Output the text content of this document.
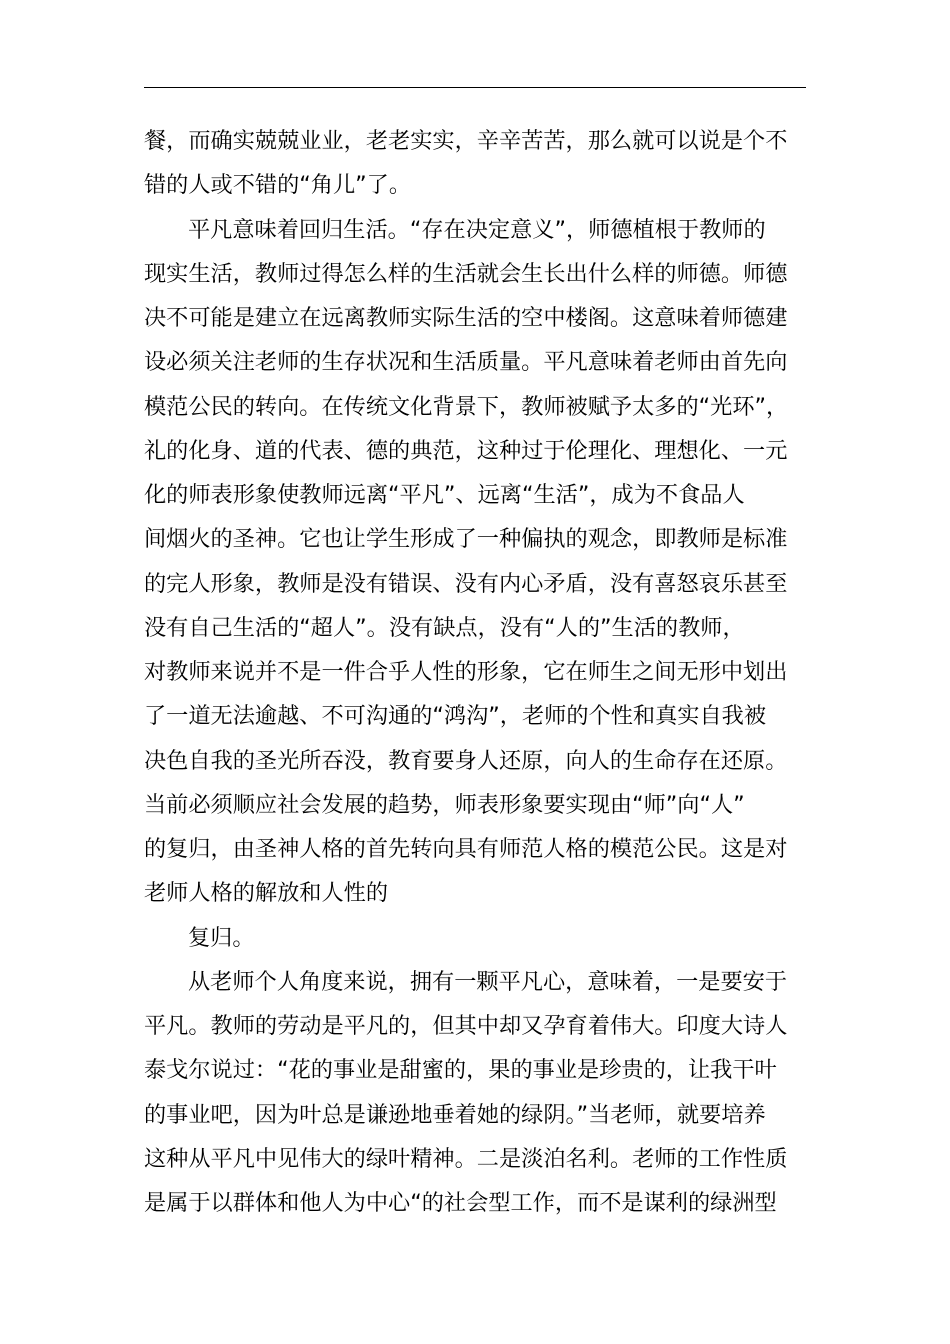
餐，而确实兢兢业业，老老实实，辛辛苦苦，那么就可以说是个不
错的人或不错的“角儿”了。
平凡意味着回归生活。“存在决定意义”，师德植根于教师的
现实生活，教师过得怎么样的生活就会生长出什么样的师德。师德
决不可能是建立在远离教师实际生活的空中楼阁。这意味着师德建
设必须关注老师的生存状况和生活质量。平凡意味着老师由首先向
模范公民的转向。在传统文化背景下，教师被赋予太多的“光环”，
礼的化身、道的代表、德的典范，这种过于伦理化、理想化、一元
化的师表形象使教师远离“平凡”、远离“生活”，成为不食品人
间烟火的圣神。它也让学生形成了一种偏执的观念，即教师是标准
的完人形象，教师是没有错误、没有内心矛盾，没有喜怒哀乐甚至
没有自己生活的“超人”。没有缺点，没有“人的”生活的教师，
对教师来说并不是一件合乎人性的形象，它在师生之间无形中划出
了一道无法逾越、不可沟通的“鸿沟”，老师的个性和真实自我被
决色自我的圣光所吞没，教育要身人还原，向人的生命存在还原。
当前必须顺应社会发展的趋势，师表形象要实现由“师”向“人”
的复归，由圣神人格的首先转向具有师范人格的模范公民。这是对
老师人格的解放和人性的
复归。
从老师个人角度来说，拥有一颗平凡心，意味着，一是要安于
平凡。教师的劳动是平凡的，但其中却又孕育着伟大。印度大诗人
泰戈尔说过：“花的事业是甜蜜的，果的事业是珍贵的，让我干叶
的事业吧，因为叶总是谦逊地垂着她的绿阴。”当老师，就要培养
这种从平凡中见伟大的绿叶精神。二是淡泊名利。老师的工作性质
是属于以群体和他人为中心“的社会型工作，而不是谋利的绿洲型
